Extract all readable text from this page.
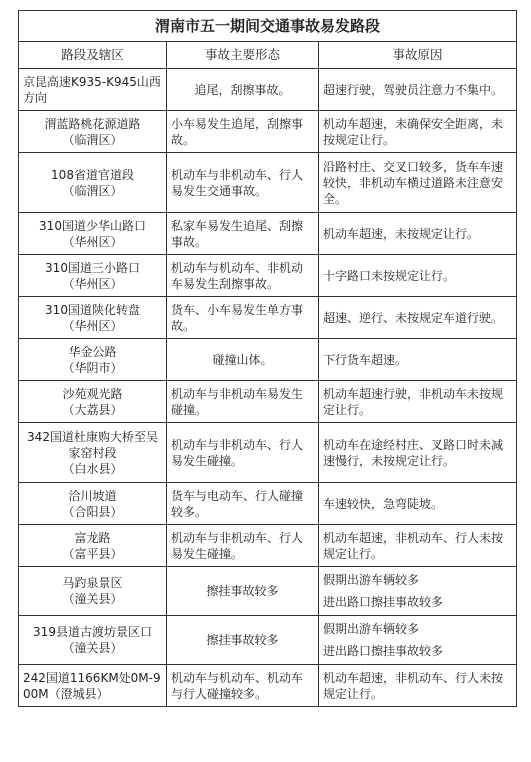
渭南市五一期间交通事故易发路段		
路段及辖区	事故主要形态	事故原因
京昆高速K935-K945山西方向	追尾，刮擦事故。	超速行驶，驾驶员注意力不集中。

渭蓝路桃花源道路
（临渭区）	小车易发生追尾，刮擦事故。	机动车超速，未确保安全距离，未按规定让行。

108省道官道段
（临渭区）	机动车与非机动车、行人易发生交通事故。	沿路村庄、交叉口较多，货车车速较快，非机动车横过道路未注意安全。

310国道少华山路口
（华州区）	私家车易发生追尾、刮擦事故。	机动车超速，未按规定让行。

310国道三小路口
（华州区）	机动车与机动车、非机动车易发生刮擦事故。	十字路口未按规定让行。

310国道陕化转盘
（华州区）	货车、小车易发生单方事故。	超速、逆行、未按规定车道行驶。

华金公路
（华阴市）	碰撞山体。	下行货车超速。

沙苑观光路
（大荔县）	机动车与非机动车易发生碰撞。	机动车超速行驶，非机动车未按规定让行。

342国道杜康购大桥至吴家窑村段
（白水县）	机动车与非机动车、行人易发生碰撞。	机动车在途经村庄、叉路口时未减速慢行，未按规定让行。

洽川坡道
（合阳县）	货车与电动车、行人碰撞较多。	车速较快，急弯陡坡。

富龙路
（富平县）	机动车与非机动车、行人易发生碰撞。	机动车超速，非机动车、行人未按规定让行。

马趵泉景区
（潼关县）	擦挂事故较多	假期出游车辆较多
进出路口擦挂事故较多

319县道古渡坊景区口
（潼关县）	擦挂事故较多	假期出游车辆较多
进出路口擦挂事故较多

242国道1166KM处0M-900M（澄城县）	机动车与机动车、机动车与行人碰撞较多。	机动车超速，非机动车、行人未按规定让行。
